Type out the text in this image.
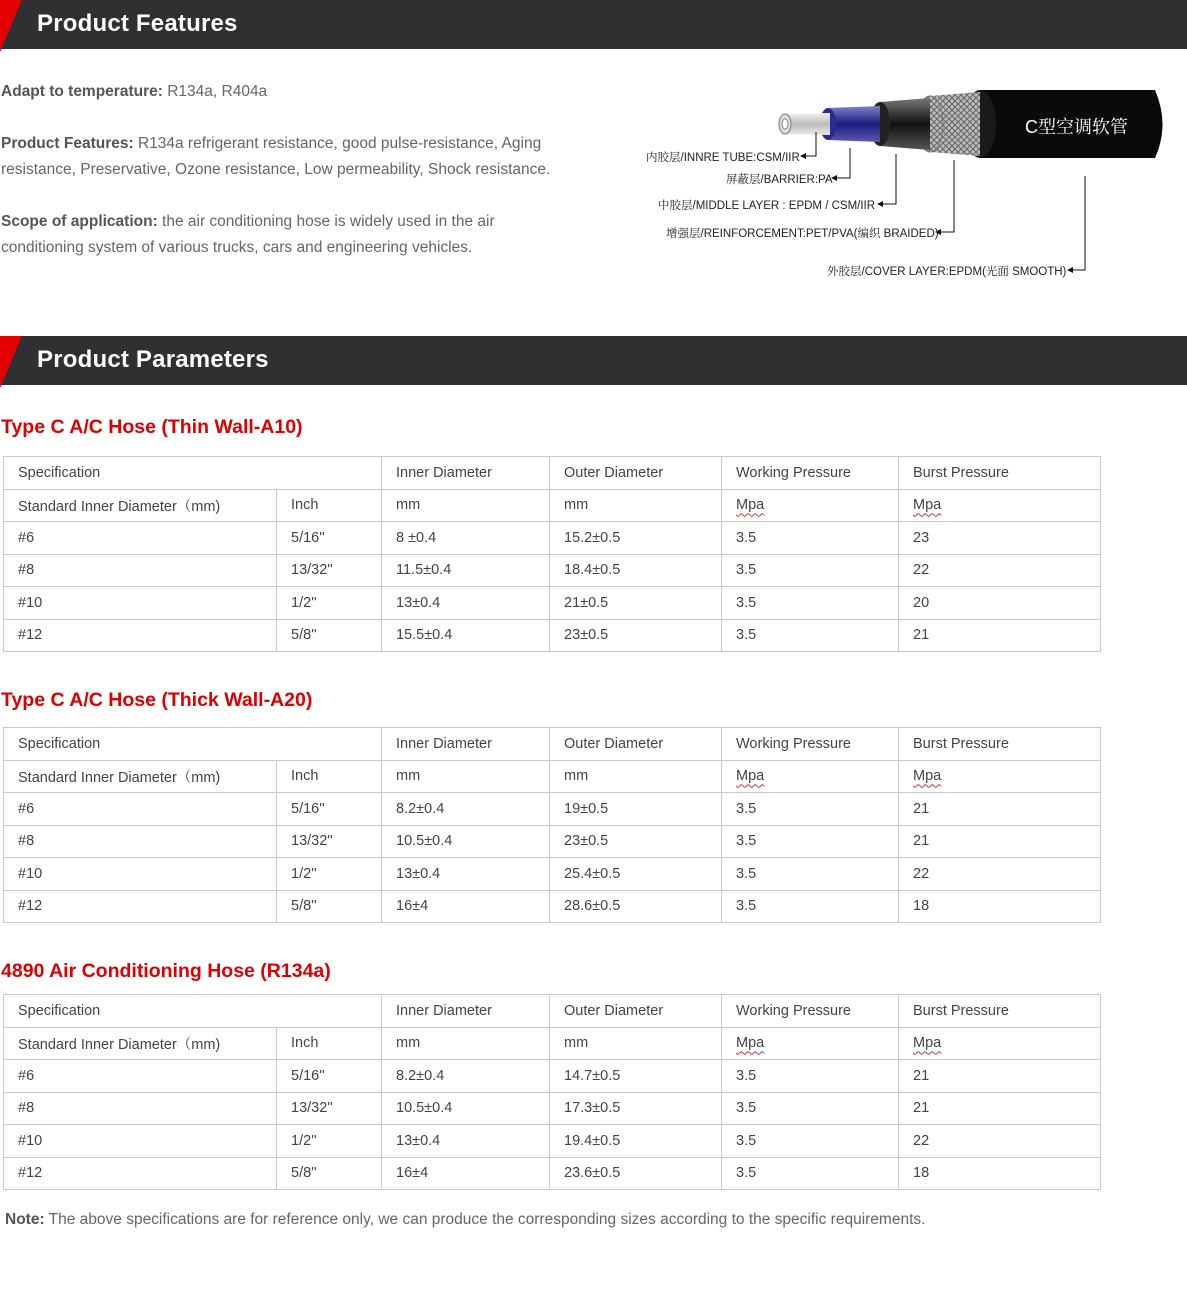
Product Features
Adapt to temperature: R134a, R404a
Product Features: R134a refrigerant resistance, good pulse-resistance, Aging
resistance, Preservative, Ozone resistance, Low permeability, Shock resistance.
Scope of application: the air conditioning hose is widely used in the air
conditioning system of various trucks, cars and engineering vehicles.
C型空调软管
内胶层/INNRE TUBE:CSM/IIR
屏蔽层/BARRIER:PA
中胶层/MIDDLE LAYER : EPDM / CSM/IIR
增强层/REINFORCEMENT:PET/PVA(编织 BRAIDED)
外胶层/COVER LAYER:EPDM(光面 SMOOTH)
Product Parameters
Type C A/C Hose (Thin Wall-A10)
Specification		Inner Diameter	Outer Diameter	Working Pressure	Burst Pressure
Standard Inner Diameter（mm)	Inch	mm	mm	Mpa	Mpa
#6	5/16''	8 ±0.4	15.2±0.5	3.5	23
#8	13/32''	11.5±0.4	18.4±0.5	3.5	22
#10	1/2''	13±0.4	21±0.5	3.5	20
#12	5/8''	15.5±0.4	23±0.5	3.5	21
Type C A/C Hose (Thick Wall-A20)
Specification		Inner Diameter	Outer Diameter	Working Pressure	Burst Pressure
Standard Inner Diameter（mm)	Inch	mm	mm	Mpa	Mpa
#6	5/16''	8.2±0.4	19±0.5	3.5	21
#8	13/32''	10.5±0.4	23±0.5	3.5	21
#10	1/2''	13±0.4	25.4±0.5	3.5	22
#12	5/8''	16±4	28.6±0.5	3.5	18
4890 Air Conditioning Hose (R134a)
Specification		Inner Diameter	Outer Diameter	Working Pressure	Burst Pressure
Standard Inner Diameter（mm)	Inch	mm	mm	Mpa	Mpa
#6	5/16''	8.2±0.4	14.7±0.5	3.5	21
#8	13/32''	10.5±0.4	17.3±0.5	3.5	21
#10	1/2''	13±0.4	19.4±0.5	3.5	22
#12	5/8''	16±4	23.6±0.5	3.5	18
Note: The above specifications are for reference only, we can produce the corresponding sizes according to the specific requirements.
